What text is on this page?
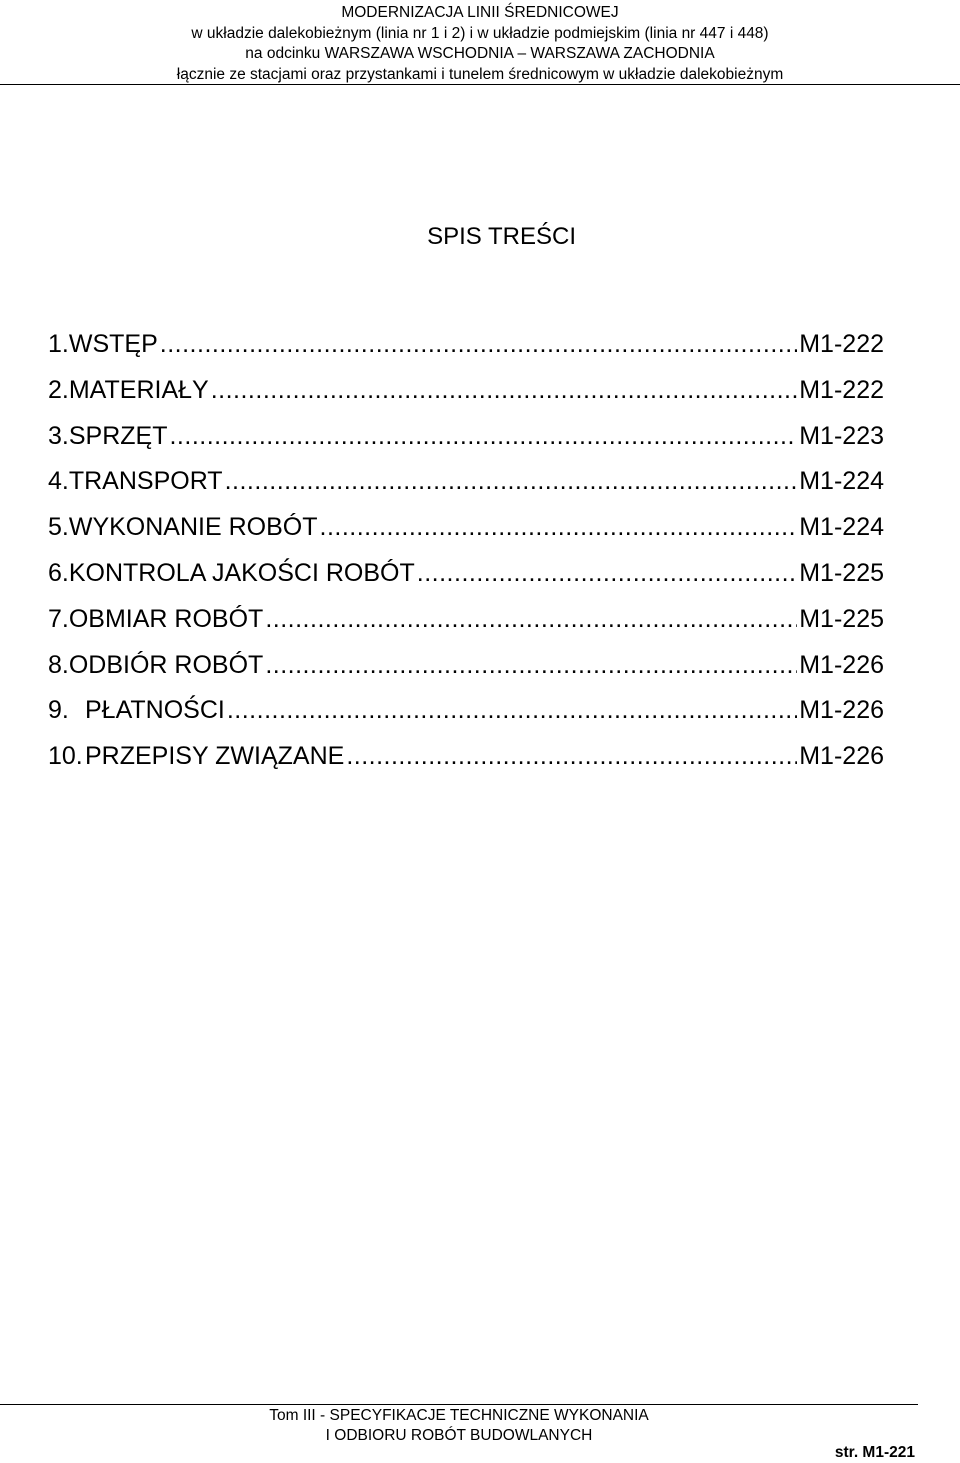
MODERNIZACJA LINII ŚREDNICOWEJ
w układzie dalekobieżnym (linia nr 1 i 2) i w układzie podmiejskim (linia nr 447 i 448)
na odcinku WARSZAWA WSCHODNIA – WARSZAWA ZACHODNIA
łącznie ze stacjami oraz przystankami i tunelem średnicowym w układzie dalekobieżnym
SPIS TREŚCI
1. WSTĘP .....	M1-222
2. MATERIAŁY .....	M1-222
3. SPRZĘT .....	M1-223
4. TRANSPORT .....	M1-224
5. WYKONANIE ROBÓT .....	M1-224
6. KONTROLA JAKOŚCI ROBÓT .....	M1-225
7. OBMIAR ROBÓT .....	M1-225
8. ODBIÓR ROBÓT .....	M1-226
9. PŁATNOŚCI .....	M1-226
10. PRZEPISY ZWIĄZANE .....	M1-226
Tom III - SPECYFIKACJE TECHNICZNE WYKONANIA
I ODBIORU ROBÓT BUDOWLANYCH
str. M1-221
